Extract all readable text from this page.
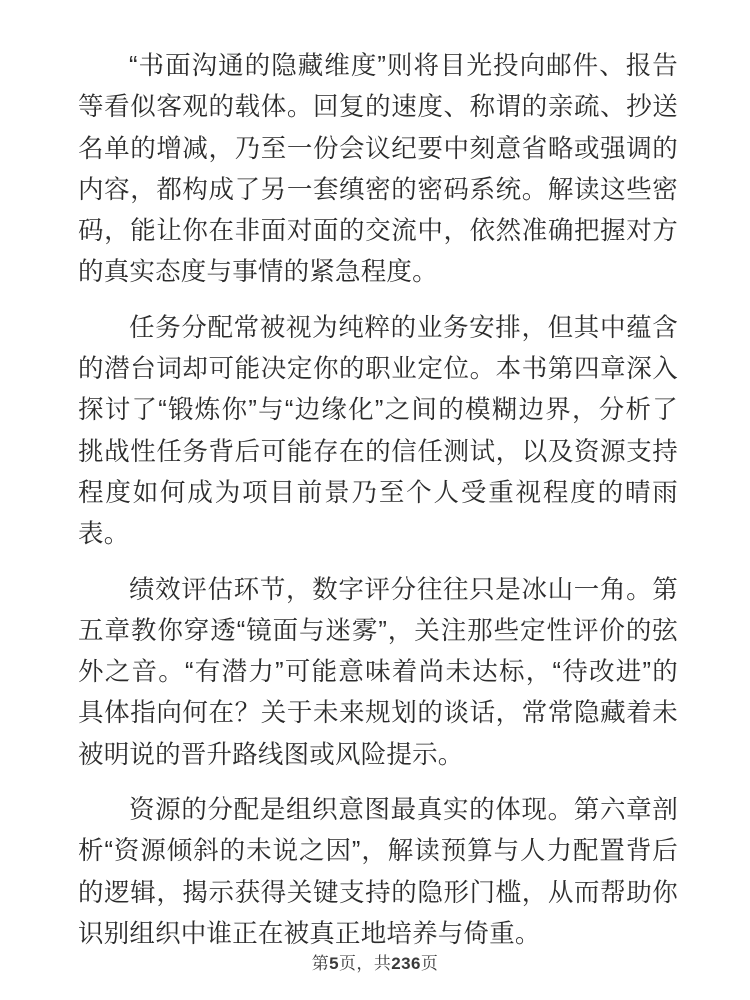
“书面沟通的隐藏维度”则将目光投向邮件、报告等看似客观的载体。回复的速度、称谓的亲疏、抄送名单的增减，乃至一份会议纪要中刻意省略或强调的内容，都构成了另一套缜密的密码系统。解读这些密码，能让你在非面对面的交流中，依然准确把握对方的真实态度与事情的紧急程度。

任务分配常被视为纯粹的业务安排，但其中蕴含的潜台词却可能决定你的职业定位。本书第四章深入探讨了“锻炼你”与“边缘化”之间的模糊边界，分析了挑战性任务背后可能存在的信任测试，以及资源支持程度如何成为项目前景乃至个人受重视程度的晴雨表。

绩效评估环节，数字评分往往只是冰山一角。第五章教你穿透“镜面与迷雾”，关注那些定性评价的弦外之音。“有潜力”可能意味着尚未达标，“待改进”的具体指向何在？关于未来规划的谈话，常常隐藏着未被明说的晋升路线图或风险提示。

资源的分配是组织意图最真实的体现。第六章剖析“资源倾斜的未说之因”，解读预算与人力配置背后的逻辑，揭示获得关键支持的隐形门槛，从而帮助你识别组织中谁正在被真正地培养与倚重。

第5页，共236页
